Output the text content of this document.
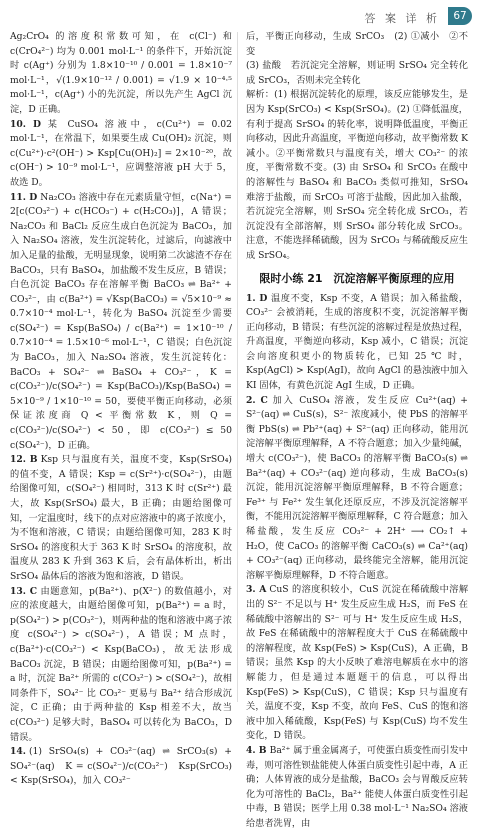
答 案 详 析	67

Ag₂CrO₄ 的溶度积常数可知，在 c(Cl⁻) 和 c(CrO₄²⁻) 均为 0.001 mol·L⁻¹ 的条件下，开始沉淀时 c(Ag⁺) 分别为 1.8×10⁻¹⁰ / 0.001 = 1.8×10⁻⁷ mol·L⁻¹，√(1.9×10⁻¹² / 0.001) = √1.9 × 10⁻⁴·⁵ mol·L⁻¹，c(Ag⁺) 小的先沉淀，所以先产生 AgCl 沉淀，D 正确。

10. D 某 CuSO₄ 溶液中，c(Cu²⁺) = 0.02 mol·L⁻¹，在常温下，如果要生成 Cu(OH)₂ 沉淀，则 c(Cu²⁺)·c²(OH⁻) > Ksp[Cu(OH)₂] = 2×10⁻²⁰，故 c(OH⁻) > 10⁻⁹ mol·L⁻¹，应调整溶液 pH 大于 5，故选 D。

11. D Na₂CO₃ 溶液中存在元素质量守恒，c(Na⁺) = 2[c(CO₃²⁻) + c(HCO₃⁻) + c(H₂CO₃)]，A 错误；Na₂CO₃ 和 BaCl₂ 反应生成白色沉淀为 BaCO₃，加入 Na₂SO₄ 溶液，发生沉淀转化，过滤后，向滤液中加入足量的盐酸，无明显现象，说明第二次滤渣不存在 BaCO₃，只有 BaSO₄，加盐酸不发生反应，B 错误；白色沉淀 BaCO₃ 存在溶解平衡 BaCO₃ ⇌ Ba²⁺ + CO₃²⁻，由 c(Ba²⁺) = √Ksp(BaCO₃) = √5×10⁻⁹ ≈ 0.7×10⁻⁴ mol·L⁻¹，转化为 BaSO₄ 沉淀至少需要 c(SO₄²⁻) = Ksp(BaSO₄) / c(Ba²⁺) = 1×10⁻¹⁰ / 0.7×10⁻⁴ = 1.5×10⁻⁶ mol·L⁻¹，C 错误；白色沉淀为 BaCO₃，加入 Na₂SO₄ 溶液，发生沉淀转化：BaCO₃ + SO₄²⁻ ⇌ BaSO₄ + CO₃²⁻，K = c(CO₃²⁻)/c(SO₄²⁻) = Ksp(BaCO₃)/Ksp(BaSO₄) = 5×10⁻⁹ / 1×10⁻¹⁰ = 50，要使平衡正向移动，必须保证浓度商 Q < 平衡常数 K，则 Q = c(CO₃²⁻)/c(SO₄²⁻) < 50，即 c(CO₃²⁻) ≤ 50 c(SO₄²⁻)，D 正确。

12. B Ksp 只与温度有关，温度不变，Ksp(SrSO₄) 的值不变，A 错误；Ksp = c(Sr²⁺)·c(SO₄²⁻)，由题给图像可知，c(SO₄²⁻) 相同时，313 K 时 c(Sr²⁺) 最大，故 Ksp(SrSO₄) 最大，B 正确；由题给图像可知，一定温度时，线下的点对应溶液中的离子浓度小，为不饱和溶液，C 错误；由题给图像可知，283 K 时 SrSO₄ 的溶度积大于 363 K 时 SrSO₄ 的溶度积，故温度从 283 K 升到 363 K 后，会有晶体析出，析出 SrSO₄ 晶体后的溶液为饱和溶液，D 错误。

13. C 由题意知，p(Ba²⁺)、p(X²⁻) 的数值越小，对应的浓度越大，由题给图像可知，p(Ba²⁺) = a 时，p(SO₄²⁻) > p(CO₃²⁻)，则两种盐的饱和溶液中离子浓度 c(SO₄²⁻) > c(SO₄²⁻)，A 错误；M 点时，c(Ba²⁺)·c(CO₃²⁻) < Ksp(BaCO₃)，故无法形成 BaCO₃ 沉淀，B 错误；由题给图像可知，p(Ba²⁺) = a 时，沉淀 Ba²⁺ 所需的 c(CO₃²⁻) > c(SO₄²⁻)，故相同条件下，SO₄²⁻ 比 CO₃²⁻ 更易与 Ba²⁺ 结合形成沉淀，C 正确；由于两种盐的 Ksp 相差不大，故当 c(CO₃²⁻) 足够大时，BaSO₄ 可以转化为 BaCO₃，D 错误。

14. (1) SrSO₄(s) + CO₃²⁻(aq) ⇌ SrCO₃(s) + SO₄²⁻(aq)　K = c(SO₄²⁻)/c(CO₃²⁻)　Ksp(SrCO₃) < Ksp(SrSO₄)，加入 CO₃²⁻

后，平衡正向移动，生成 SrCO₃　(2) ①减小　②不变

(3) 盐酸　若沉淀完全溶解，则证明 SrSO₄ 完全转化成 SrCO₃，否则未完全转化

解析：(1) 根据沉淀转化的原理，该反应能够发生，是因为 Ksp(SrCO₃) < Ksp(SrSO₄)。(2) ①降低温度，有利于提高 SrSO₄ 的转化率，说明降低温度，平衡正向移动，因此升高温度，平衡逆向移动，故平衡常数 K 减小。②平衡常数只与温度有关，增大 CO₃²⁻ 的浓度，平衡常数不变。(3) 由 SrSO₄ 和 SrCO₃ 在酸中的溶解性与 BaSO₄ 和 BaCO₃ 类似可推知，SrSO₄ 难溶于盐酸，而 SrCO₃ 可溶于盐酸，因此加入盐酸，若沉淀完全溶解，则 SrSO₄ 完全转化成 SrCO₃，若沉淀没有全部溶解，则 SrSO₄ 部分转化成 SrCO₃。注意，不能选择稀硫酸，因为 SrCO₃ 与稀硫酸反应生成 SrSO₄。

限时小练 21　沉淀溶解平衡原理的应用

1. D 温度不变，Ksp 不变，A 错误；加入稀盐酸，CO₃²⁻ 会被消耗，生成的溶度积不变，沉淀溶解平衡正向移动，B 错误；有些沉淀的溶解过程是放热过程，升高温度，平衡逆向移动，Ksp 减小，C 错误；沉淀会向溶度积更小的物质转化，已知 25 ℃ 时，Ksp(AgCl) > Ksp(AgI)，故向 AgCl 的悬浊液中加入 KI 固体，有黄色沉淀 AgI 生成，D 正确。

2. C 加入 CuSO₄ 溶液，发生反应 Cu²⁺(aq) + S²⁻(aq) ⇌ CuS(s)，S²⁻ 浓度减小，使 PbS 的溶解平衡 PbS(s) ⇌ Pb²⁺(aq) + S²⁻(aq) 正向移动，能用沉淀溶解平衡原理解释，A 不符合题意；加入少量纯碱，增大 c(CO₃²⁻)，使 BaCO₃ 的溶解平衡 BaCO₃(s) ⇌ Ba²⁺(aq) + CO₃²⁻(aq) 逆向移动，生成 BaCO₃(s) 沉淀，能用沉淀溶解平衡原理解释，B 不符合题意；Fe³⁺ 与 Fe²⁺ 发生氧化还原反应，不涉及沉淀溶解平衡，不能用沉淀溶解平衡原理解释，C 符合题意；加入稀盐酸，发生反应 CO₃²⁻ + 2H⁺ ⟶ CO₂↑ + H₂O，使 CaCO₃ 的溶解平衡 CaCO₃(s) ⇌ Ca²⁺(aq) + CO₃²⁻(aq) 正向移动，最终能完全溶解，能用沉淀溶解平衡原理解释，D 不符合题意。

3. A CuS 的溶度积较小，CuS 沉淀在稀硫酸中溶解出的 S²⁻ 不足以与 H⁺ 发生反应生成 H₂S，而 FeS 在稀硫酸中溶解出的 S²⁻ 可与 H⁺ 发生反应生成 H₂S，故 FeS 在稀硫酸中的溶解程度大于 CuS 在稀硫酸中的溶解程度，故 Ksp(FeS) > Ksp(CuS)，A 正确，B 错误；虽然 Ksp 的大小反映了难溶电解质在水中的溶解能力，但是通过本题题干的信息，可以得出 Ksp(FeS) > Ksp(CuS)，C 错误；Ksp 只与温度有关，温度不变，Ksp 不变，故向 FeS、CuS 的饱和溶液中加入稀硫酸，Ksp(FeS) 与 Ksp(CuS) 均不发生变化，D 错误。

4. B Ba²⁺ 属于重金属离子，可使蛋白质变性而引发中毒，则可溶性钡盐能使人体蛋白质变性引起中毒，A 正确；人体胃液的成分是盐酸，BaCO₃ 会与胃酸反应转化为可溶性的 BaCl₂，Ba²⁺ 能使人体蛋白质变性引起中毒，B 错误；医学上用 0.38 mol·L⁻¹ Na₂SO₄ 溶液给患者洗胃，由
